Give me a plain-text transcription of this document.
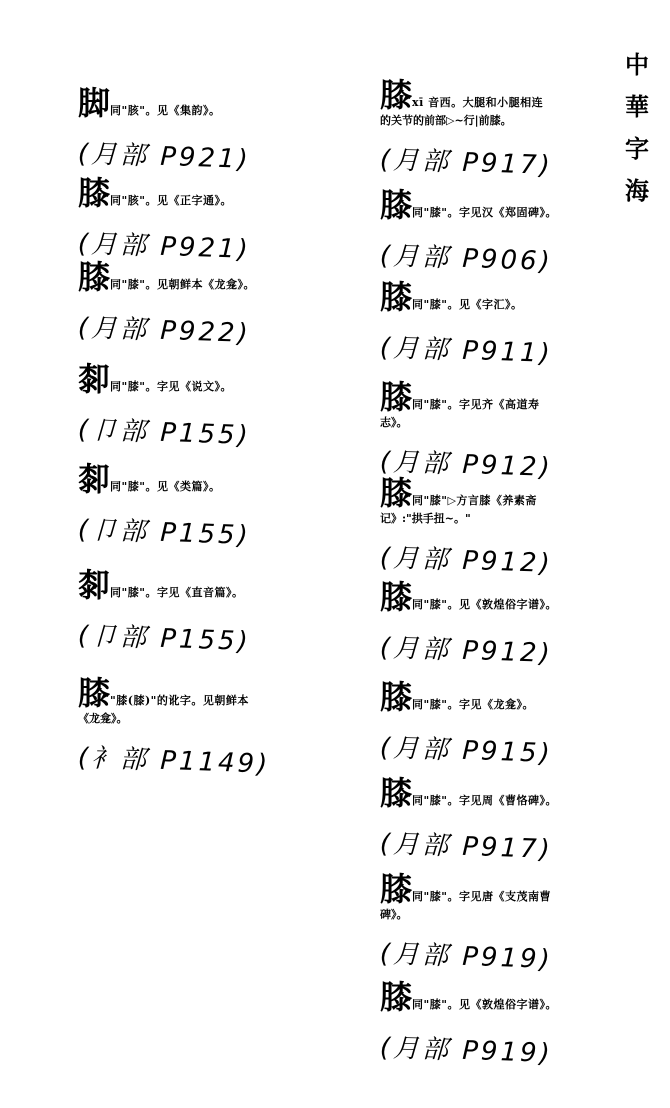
中
華
字
海
脚同"胲"。见《集韵》。
(月部 P921)
膝同"胲"。见《正字通》。
(月部 P921)
膝同"膝"。见朝鲜本《龙龛》。
(月部 P922)
厀同"膝"。字见《说文》。
(卩部 P155)
厀同"膝"。见《类篇》。
(卩部 P155)
厀同"膝"。字见《直音篇》。
(卩部 P155)
膝"膝(膝)"的讹字。见朝鲜本
《龙龛》。
(衤部 P1149)
膝xī 音西。大腿和小腿相连
的关节的前部▷~行|前膝。
(月部 P917)
膝同"膝"。字见汉《郑固碑》。
(月部 P906)
膝同"膝"。见《字汇》。
(月部 P911)
膝同"膝"。字见齐《高道寿
志》。
(月部 P912)
膝同"膝"▷方言膝《养素斋
记》:"拱手扭~。"
(月部 P912)
膝同"膝"。见《敦煌俗字谱》。
(月部 P912)
膝同"膝"。字见《龙龛》。
(月部 P915)
膝同"膝"。字见周《曹恪碑》。
(月部 P917)
膝同"膝"。字见唐《支茂南曹
碑》。
(月部 P919)
膝同"膝"。见《敦煌俗字谱》。
(月部 P919)
